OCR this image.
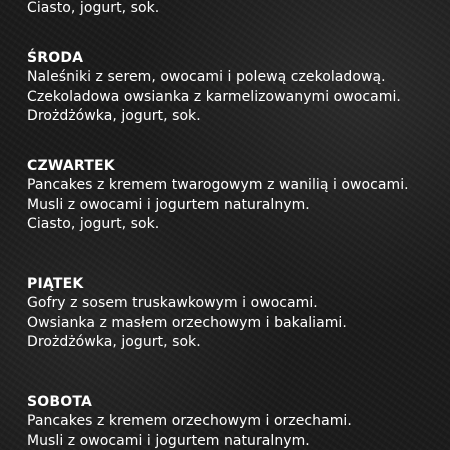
Ciasto, jogurt, sok.

ŚRODA

Naleśniki z serem, owocami i polewą czekoladową.

Czekoladowa owsianka z karmelizowanymi owocami.

Drożdżówka, jogurt, sok.

CZWARTEK

Pancakes z kremem twarogowym z wanilią i owocami.

Musli z owocami i jogurtem naturalnym.

Ciasto, jogurt, sok.

PIĄTEK

Gofry z sosem truskawkowym i owocami.

Owsianka z masłem orzechowym i bakaliami.

Drożdżówka, jogurt, sok.

SOBOTA

Pancakes z kremem orzechowym i orzechami.

Musli z owocami i jogurtem naturalnym.
